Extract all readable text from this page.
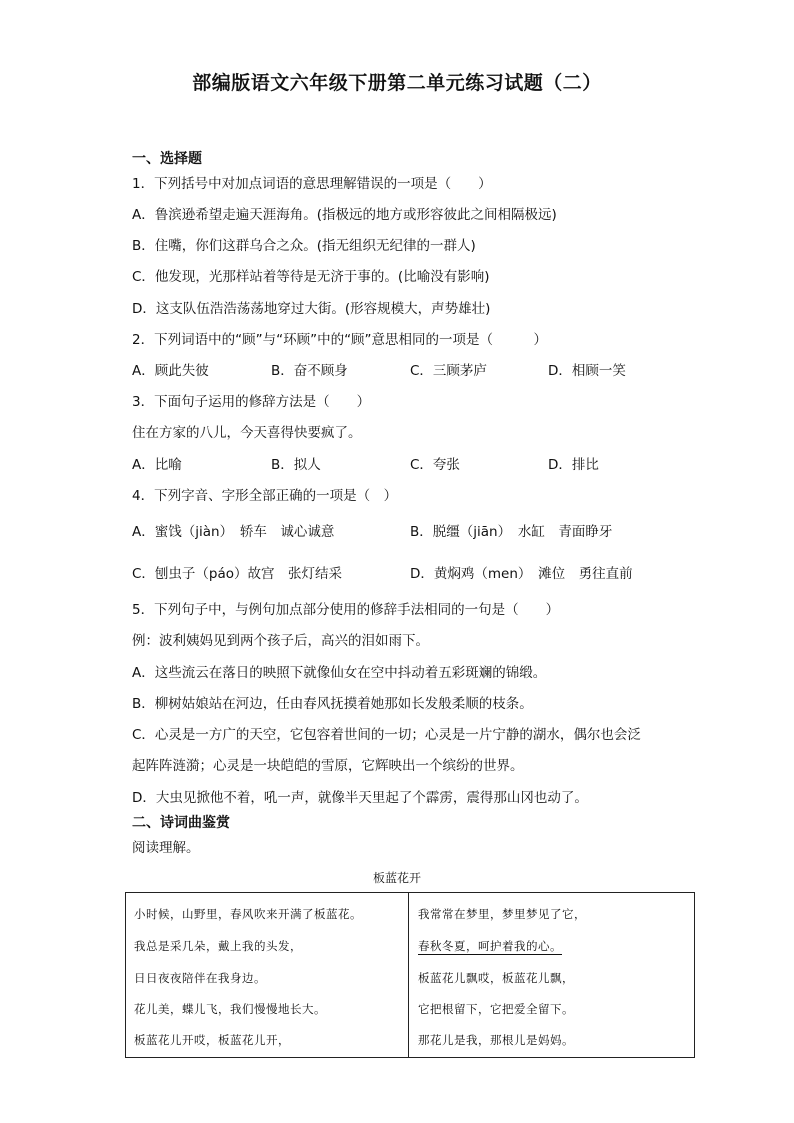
部编版语文六年级下册第二单元练习试题（二）
一、选择题
1．下列括号中对加点词语的意思理解错误的一项是（　　）
A．鲁滨逊希望走遍天涯海角。(指极远的地方或形容彼此之间相隔极远)
B．住嘴，你们这群乌合之众。(指无组织无纪律的一群人)
C．他发现，光那样站着等待是无济于事的。(比喻没有影响)
D．这支队伍浩浩荡荡地穿过大街。(形容规模大，声势雄壮)
2．下列词语中的“顾”与“环顾”中的“顾”意思相同的一项是（　　　）
A．顾此失彼	B．奋不顾身	C．三顾茅庐	D．相顾一笑
3．下面句子运用的修辞方法是（　　）
住在方家的八儿，今天喜得快要疯了。
A．比喻	B．拟人	C．夸张	D．排比
4．下列字音、字形全部正确的一项是（　）
A．蜜饯（jiàn）　轿车　诚心诚意	B．脱缰（jiān）　水缸　青面睁牙
C．刨虫子（páo）故宫　张灯结采	D．黄焖鸡（men）　滩位　勇往直前
5．下列句子中，与例句加点部分使用的修辞手法相同的一句是（　　）
例：波利姨妈见到两个孩子后，高兴的泪如雨下。
A．这些流云在落日的映照下就像仙女在空中抖动着五彩斑斓的锦缎。
B．柳树姑娘站在河边，任由春风抚摸着她那如长发般柔顺的枝条。
C．心灵是一方广的天空，它包容着世间的一切；心灵是一片宁静的湖水，偶尔也会泛
起阵阵涟漪；心灵是一块皑皑的雪原，它辉映出一个缤纷的世界。
D．大虫见掀他不着，吼一声，就像半天里起了个霹雳，震得那山冈也动了。
二、诗词曲鉴赏
阅读理解。
板蓝花开
小时候，山野里，春风吹来开满了板蓝花。
我总是采几朵，戴上我的头发，
日日夜夜陪伴在我身边。
花儿美，蝶儿飞，我们慢慢地长大。
板蓝花儿开哎，板蓝花儿开，
我常常在梦里，梦里梦见了它，
春秋冬夏，呵护着我的心。
板蓝花儿飘哎，板蓝花儿飘，
它把根留下，它把爱全留下。
那花儿是我，那根儿是妈妈。
